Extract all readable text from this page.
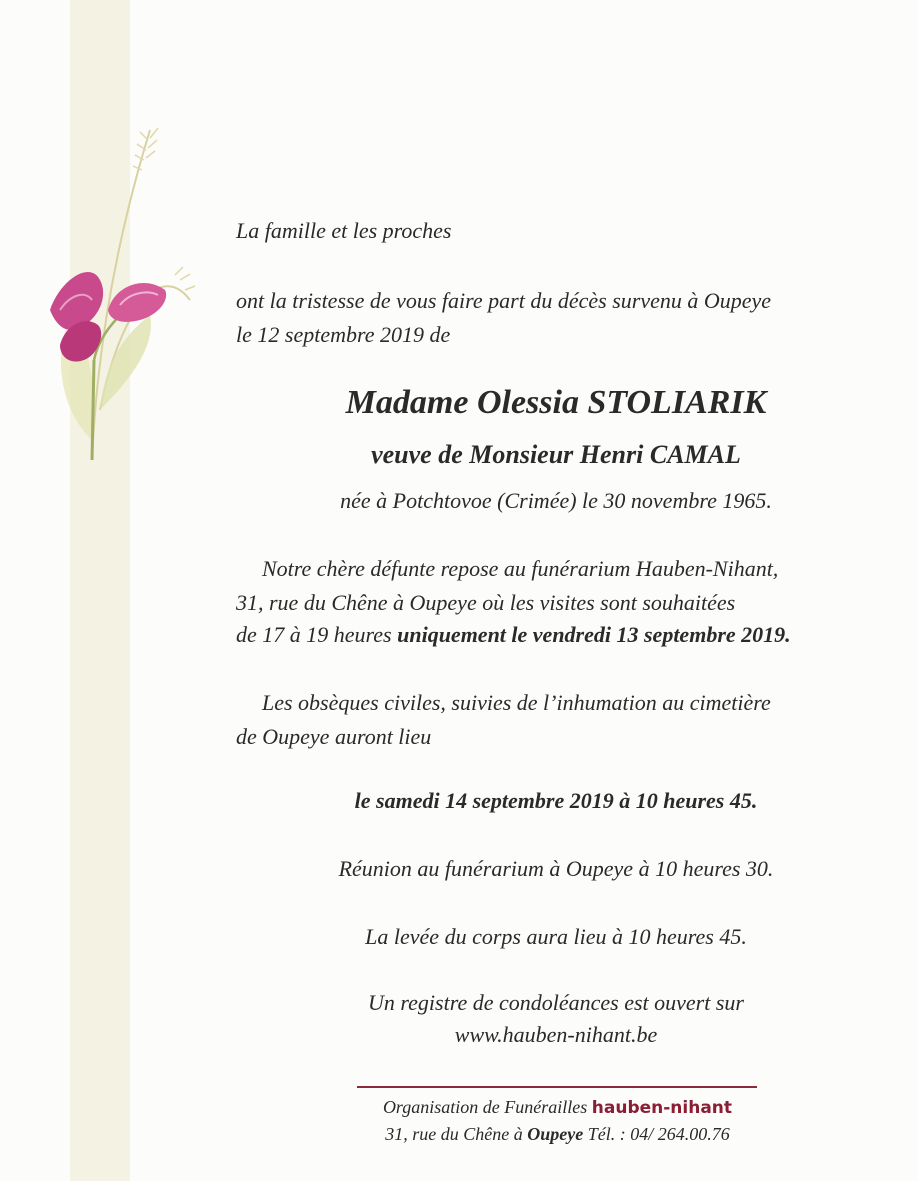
La famille et les proches
ont la tristesse de vous faire part du décès survenu à Oupeye
le 12 septembre 2019 de
Madame Olessia STOLIARIK
veuve de Monsieur Henri CAMAL
née à Potchtovoe (Crimée) le 30 novembre 1965.
Notre chère défunte repose au funérarium Hauben-Nihant,
31, rue du Chêne à Oupeye où les visites sont souhaitées
de 17 à 19 heures uniquement le vendredi 13 septembre 2019.
Les obsèques civiles, suivies de l’inhumation au cimetière
de Oupeye auront lieu
le samedi 14 septembre 2019 à 10 heures 45.
Réunion au funérarium à Oupeye à 10 heures 30.
La levée du corps aura lieu à 10 heures 45.
Un registre de condoléances est ouvert sur
www.hauben-nihant.be
Organisation de Funérailles hauben-nihant
31, rue du Chêne à Oupeye Tél. : 04/ 264.00.76
